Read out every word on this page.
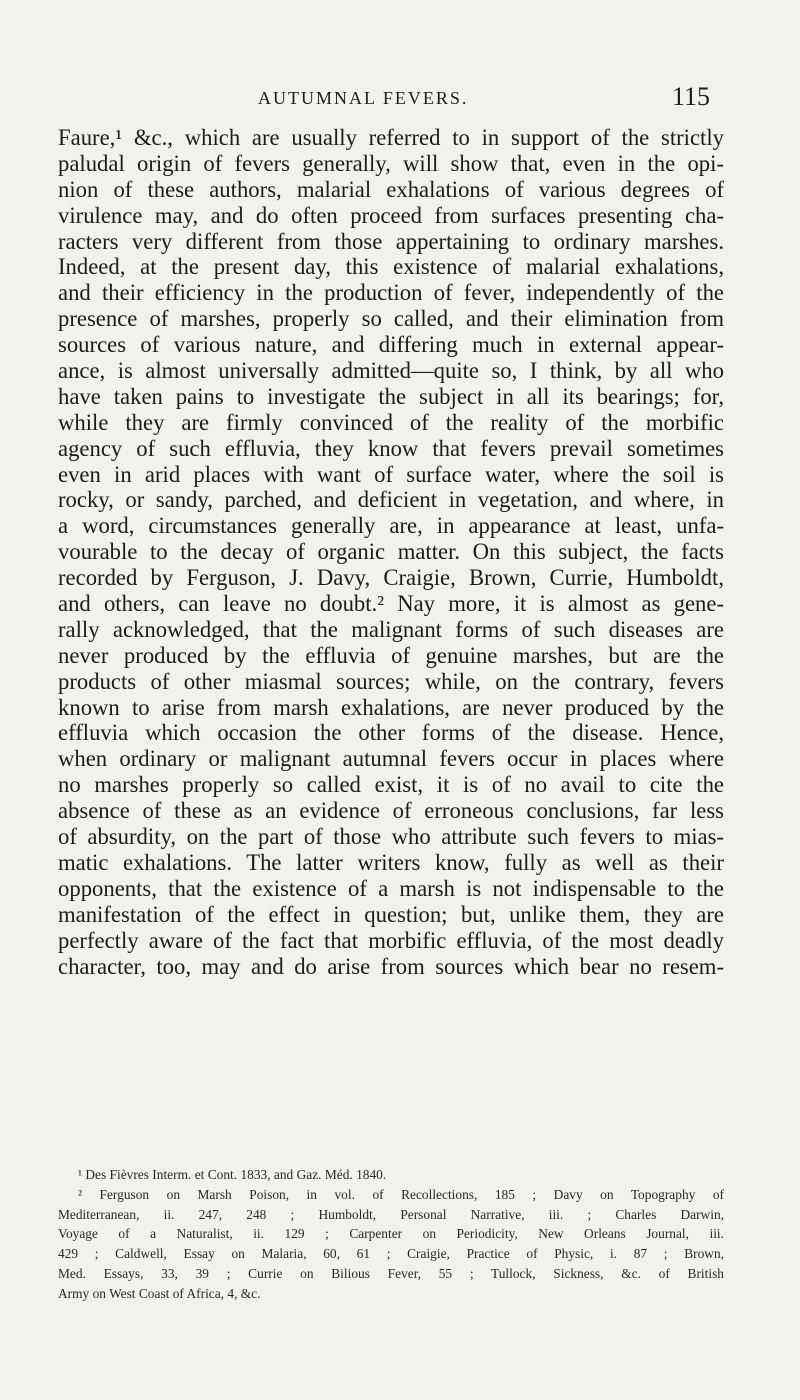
AUTUMNAL FEVERS.	115
Faure,¹ &c., which are usually referred to in support of the strictly
paludal origin of fevers generally, will show that, even in the opi-
nion of these authors, malarial exhalations of various degrees of
virulence may, and do often proceed from surfaces presenting cha-
racters very different from those appertaining to ordinary marshes.
Indeed, at the present day, this existence of malarial exhalations,
and their efficiency in the production of fever, independently of the
presence of marshes, properly so called, and their elimination from
sources of various nature, and differing much in external appear-
ance, is almost universally admitted—quite so, I think, by all who
have taken pains to investigate the subject in all its bearings; for,
while they are firmly convinced of the reality of the morbific
agency of such effluvia, they know that fevers prevail sometimes
even in arid places with want of surface water, where the soil is
rocky, or sandy, parched, and deficient in vegetation, and where, in
a word, circumstances generally are, in appearance at least, unfa-
vourable to the decay of organic matter. On this subject, the facts
recorded by Ferguson, J. Davy, Craigie, Brown, Currie, Humboldt,
and others, can leave no doubt.² Nay more, it is almost as gene-
rally acknowledged, that the malignant forms of such diseases are
never produced by the effluvia of genuine marshes, but are the
products of other miasmal sources; while, on the contrary, fevers
known to arise from marsh exhalations, are never produced by the
effluvia which occasion the other forms of the disease. Hence,
when ordinary or malignant autumnal fevers occur in places where
no marshes properly so called exist, it is of no avail to cite the
absence of these as an evidence of erroneous conclusions, far less
of absurdity, on the part of those who attribute such fevers to mias-
matic exhalations. The latter writers know, fully as well as their
opponents, that the existence of a marsh is not indispensable to the
manifestation of the effect in question; but, unlike them, they are
perfectly aware of the fact that morbific effluvia, of the most deadly
character, too, may and do arise from sources which bear no resem-
¹ Des Fièvres Interm. et Cont. 1833, and Gaz. Méd. 1840.
² Ferguson on Marsh Poison, in vol. of Recollections, 185 ; Davy on Topography of
Mediterranean, ii. 247, 248 ; Humboldt, Personal Narrative, iii. ; Charles Darwin,
Voyage of a Naturalist, ii. 129 ; Carpenter on Periodicity, New Orleans Journal, iii.
429 ; Caldwell, Essay on Malaria, 60, 61 ; Craigie, Practice of Physic, i. 87 ; Brown,
Med. Essays, 33, 39 ; Currie on Bilious Fever, 55 ; Tullock, Sickness, &c. of British
Army on West Coast of Africa, 4, &c.
